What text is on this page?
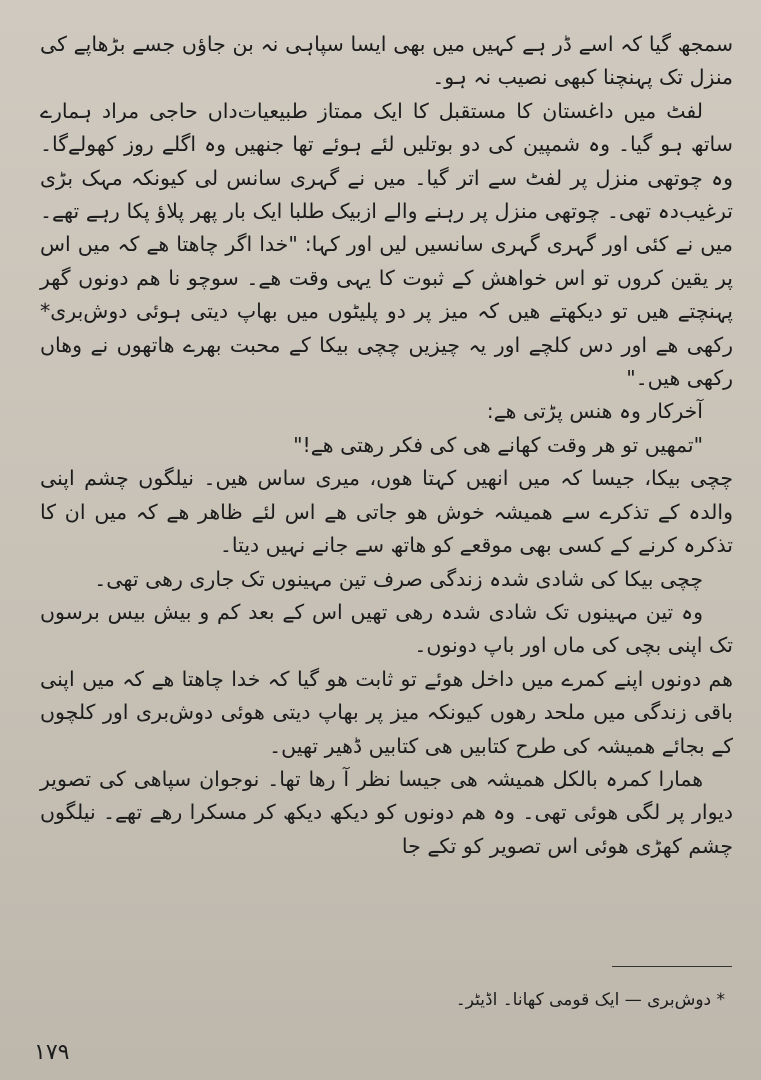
سمجھ گیا کہ اسے ڈر ہے کہیں میں بھی ایسا سپاہی نہ بن جاؤں جسے بڑھاپے کی منزل تک پہنچنا کبھی نصیب نہ ہو۔

لفٹ میں داغستان کا مستقبل کا ایک ممتاز طبیعیات‌داں حاجی مراد ہمارے ساتھ ہو گیا۔ وہ شمپین کی دو بوتلیں لئے ہوئے تھا جنھیں وہ اگلے روز کھولےگا۔ وہ چوتھی منزل پر لفٹ سے اتر گیا۔ میں نے گہری سانس لی کیونکہ مہک بڑی ترغیب‌دہ تھی۔ چوتھی منزل پر رہنے والے ازبیک طلبا ایک بار پھر پلاؤ پکا رہے تھے۔ میں نے کئی اور گہری گہری سانسیں لیں اور کہا: "خدا اگر چاھتا ھے کہ میں اس پر یقین کروں تو اس خواھش کے ثبوت کا یہی وقت ھے۔ سوچو نا ھم دونوں گھر پہنچتے ھیں تو دیکھتے ھیں کہ میز پر دو پلیٹوں میں بھاپ دیتی ہوئی دوش‌بری* رکھی ھے اور دس کلچے اور یہ چیزیں چچی بیکا کے محبت بھرے ھاتھوں نے وھاں رکھی ھیں۔"

آخرکار وہ ھنس پڑتی ھے:

"تمھیں تو ھر وقت کھانے ھی کی فکر رھتی ھے!"

چچی بیکا، جیسا کہ میں انھیں کہتا ھوں، میری ساس ھیں۔ نیلگوں چشم اپنی والدہ کے تذکرے سے ھمیشہ خوش ھو جاتی ھے اس لئے ظاھر ھے کہ میں ان کا تذکرہ کرنے کے کسی بھی موقعے کو ھاتھ سے جانے نہیں دیتا۔

چچی بیکا کی شادی شدہ زندگی صرف تین مہینوں تک جاری رھی تھی۔

وہ تین مہینوں تک شادی شدہ رھی تھیں اس کے بعد کم و بیش بیس برسوں تک اپنی بچی کی ماں اور باپ دونوں۔

ھم دونوں اپنے کمرے میں داخل ھوئے تو ثابت ھو گیا کہ خدا چاھتا ھے کہ میں اپنی باقی زندگی میں ملحد رھوں کیونکہ میز پر بھاپ دیتی ھوئی دوش‌بری اور کلچوں کے بجائے ھمیشہ کی طرح کتابیں ھی کتابیں ڈھیر تھیں۔

ھمارا کمرہ بالکل ھمیشہ ھی جیسا نظر آ رھا تھا۔ نوجوان سپاھی کی تصویر دیوار پر لگی ھوئی تھی۔ وہ ھم دونوں کو دیکھ دیکھ کر مسکرا رھے تھے۔ نیلگوں چشم کھڑی ھوئی اس تصویر کو تکے جا

* دوش‌بری — ایک قومی کھانا۔ اڈیٹر۔
۱۷۹
